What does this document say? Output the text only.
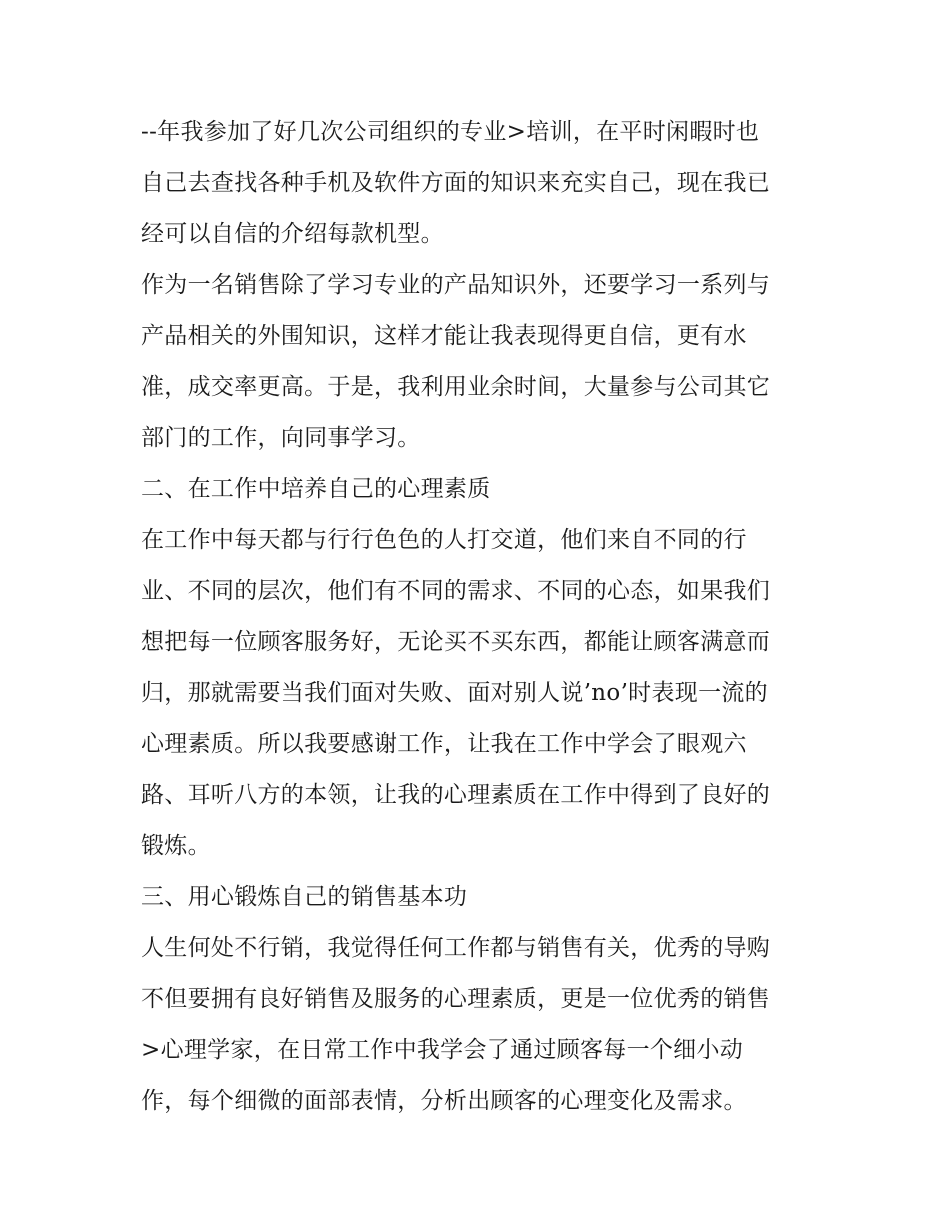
--年我参加了好几次公司组织的专业>培训，在平时闲暇时也
自己去查找各种手机及软件方面的知识来充实自己，现在我已
经可以自信的介绍每款机型。
作为一名销售除了学习专业的产品知识外，还要学习一系列与
产品相关的外围知识，这样才能让我表现得更自信，更有水
准，成交率更高。于是，我利用业余时间，大量参与公司其它
部门的工作，向同事学习。
二、在工作中培养自己的心理素质
在工作中每天都与行行色色的人打交道，他们来自不同的行
业、不同的层次，他们有不同的需求、不同的心态，如果我们
想把每一位顾客服务好，无论买不买东西，都能让顾客满意而
归，那就需要当我们面对失败、面对别人说’no’时表现一流的
心理素质。所以我要感谢工作，让我在工作中学会了眼观六
路、耳听八方的本领，让我的心理素质在工作中得到了良好的
锻炼。
三、用心锻炼自己的销售基本功
人生何处不行销，我觉得任何工作都与销售有关，优秀的导购
不但要拥有良好销售及服务的心理素质，更是一位优秀的销售
>心理学家，在日常工作中我学会了通过顾客每一个细小动
作，每个细微的面部表情，分析出顾客的心理变化及需求。
